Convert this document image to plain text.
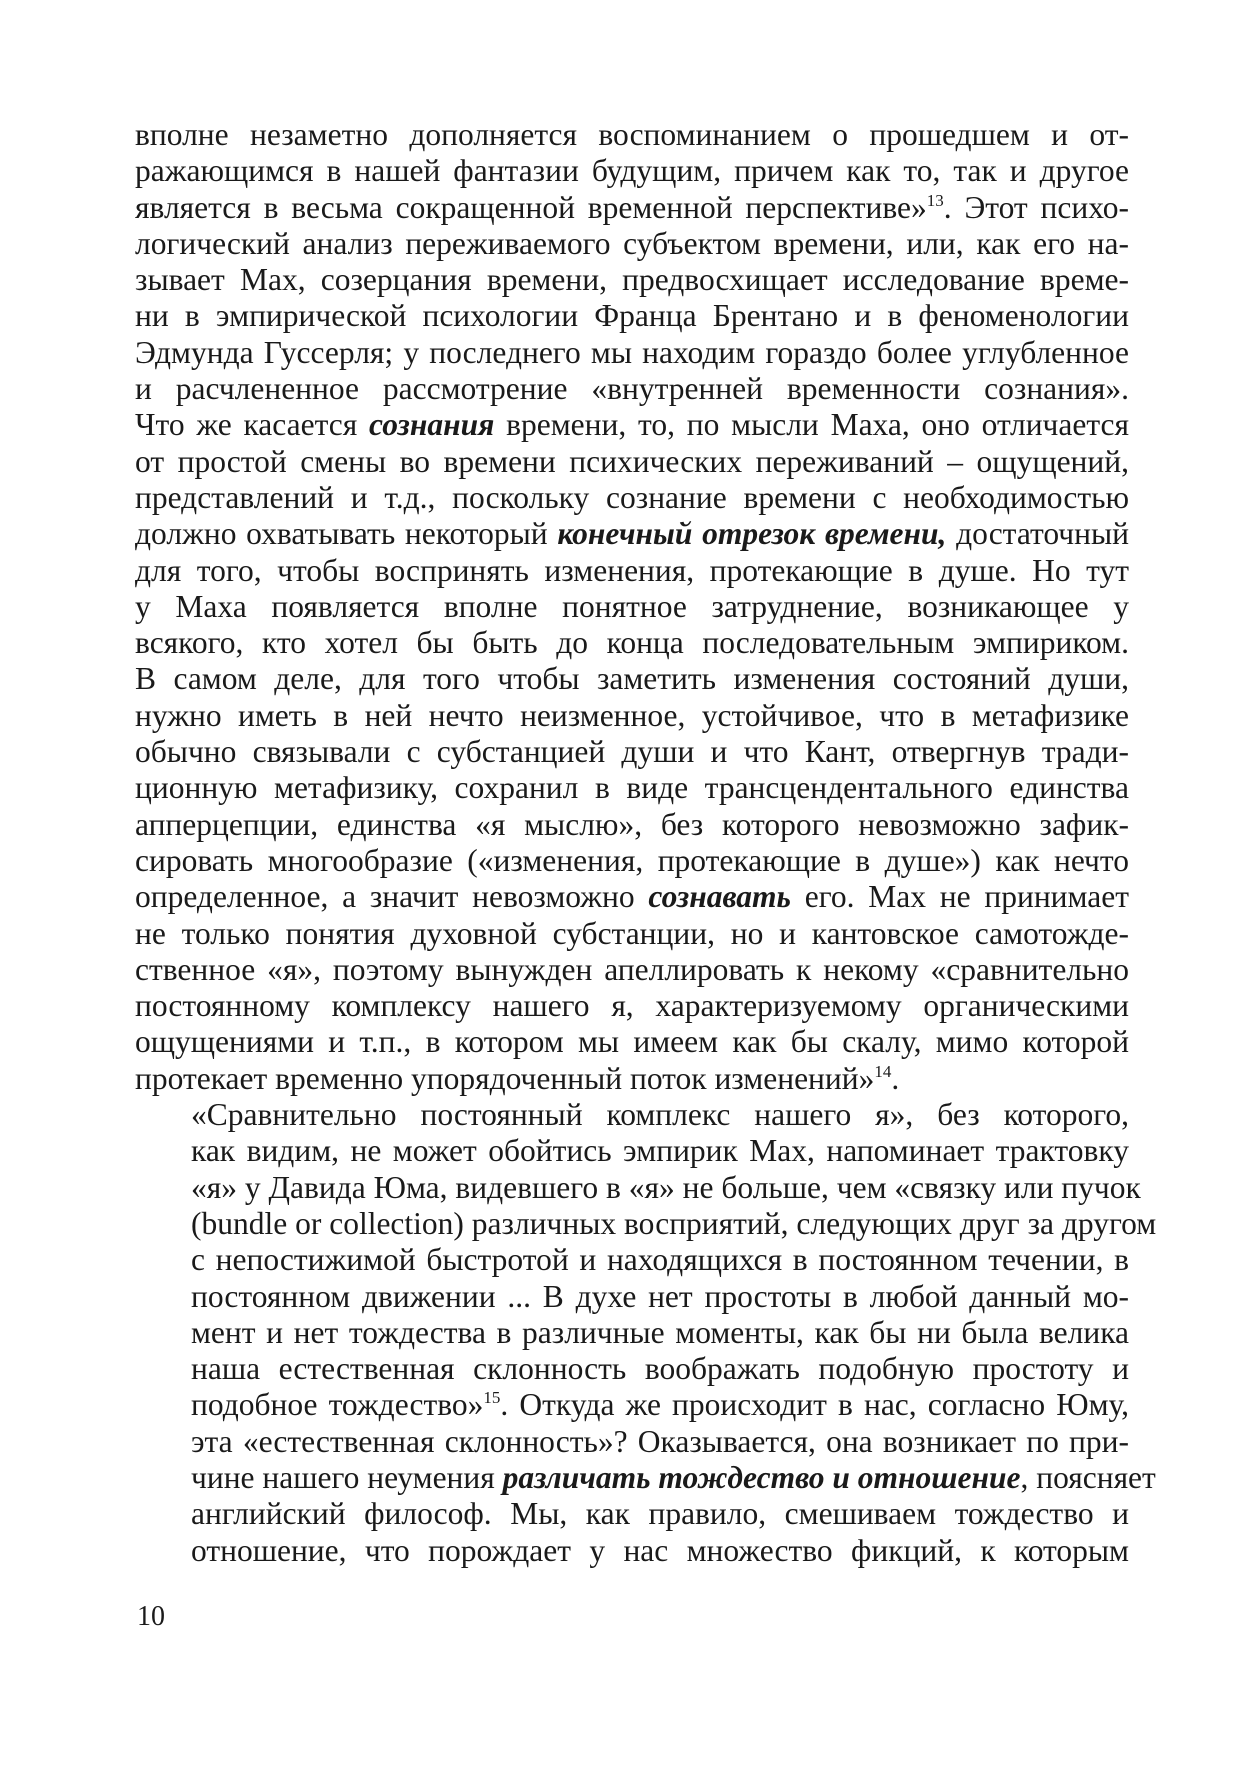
вполне незаметно дополняется воспоминанием о прошедшем и от-
ражающимся в нашей фантазии будущим, причем как то, так и другое
является в весьма сокращенной временной перспективе»$^{13}$. Этот психо-
логический анализ переживаемого субъектом времени, или, как его на-
зывает Мах, созерцания времени, предвосхищает исследование време-
ни в эмпирической психологии Франца Брентано и в феноменологии
Эдмунда Гуссерля; у последнего мы находим гораздо более углубленное
и расчлененное рассмотрение «внутренней временности сознания».
Что же касается сознания времени, то, по мысли Маха, оно отличается
от простой смены во времени психических переживаний – ощущений,
представлений и т.д., поскольку сознание времени с необходимостью
должно охватывать некоторый конечный отрезок времени, достаточный
для того, чтобы воспринять изменения, протекающие в душе. Но тут
у Маха появляется вполне понятное затруднение, возникающее у
всякого, кто хотел бы быть до конца последовательным эмпириком.
В самом деле, для того чтобы заметить изменения состояний души,
нужно иметь в ней нечто неизменное, устойчивое, что в метафизике
обычно связывали с субстанцией души и что Кант, отвергнув тради-
ционную метафизику, сохранил в виде трансцендентального единства
апперцепции, единства «я мыслю», без которого невозможно зафик-
сировать многообразие («изменения, протекающие в душе») как нечто
определенное, а значит невозможно сознавать его. Мах не принимает
не только понятия духовной субстанции, но и кантовское самотожде-
ственное «я», поэтому вынужден апеллировать к некому «сравнительно
постоянному комплексу нашего я, характеризуемому органическими
ощущениями и т.п., в котором мы имеем как бы скалу, мимо которой
протекает временно упорядоченный поток изменений»$^{14}$.

«Сравнительно постоянный комплекс нашего я», без которого,
как видим, не может обойтись эмпирик Мах, напоминает трактовку
«я» у Давида Юма, видевшего в «я» не больше, чем «связку или пучок
(bundle or collection) различных восприятий, следующих друг за другом
с непостижимой быстротой и находящихся в постоянном течении, в
постоянном движении ... В духе нет простоты в любой данный мо-
мент и нет тождества в различные моменты, как бы ни была велика
наша естественная склонность воображать подобную простоту и
подобное тождество»$^{15}$. Откуда же происходит в нас, согласно Юму,
эта «естественная склонность»? Оказывается, она возникает по при-
чине нашего неумения различать тождество и отношение, поясняет
английский философ. Мы, как правило, смешиваем тождество и
отношение, что порождает у нас множество фикций, к которым

10
